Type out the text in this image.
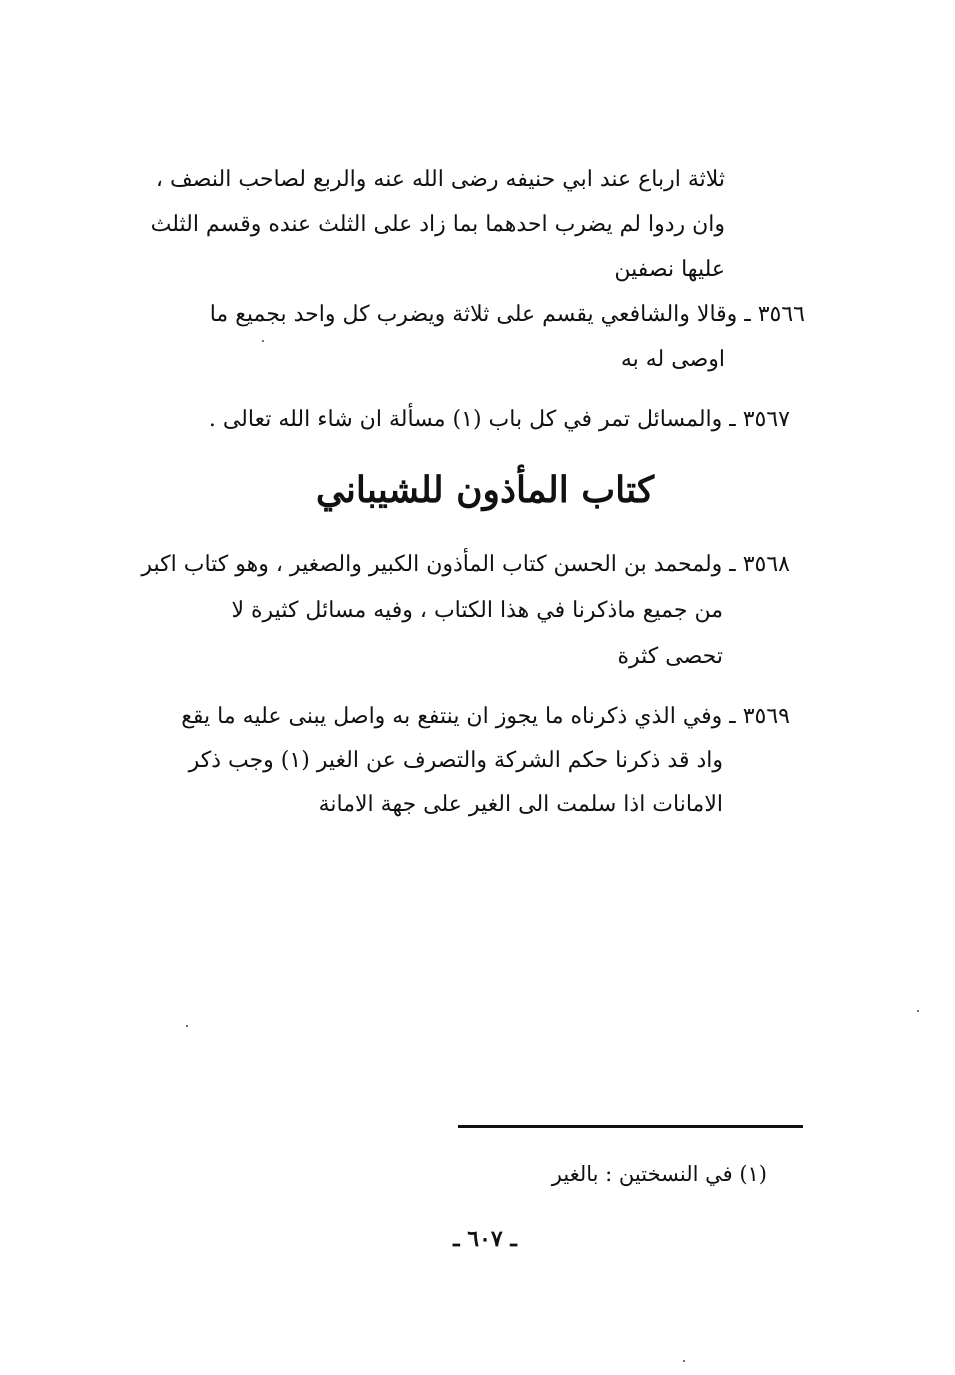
ثلاثة ارباع عند ابي حنيفه رضى الله عنه والربع لصاحب النصف ،
وان ردوا لم يضرب احدهما بما زاد على الثلث عنده وقسم الثلث
عليها نصفين
٣٥٦٦ ـ وقالا والشافعي يقسم على ثلاثة ويضرب كل واحد بجميع ما
اوصى له به
٣٥٦٧ ـ والمسائل تمر في كل باب (١) مسألة ان شاء الله تعالى .
كتاب المأذون للشيباني
٣٥٦٨ ـ ولمحمد بن الحسن كتاب المأذون الكبير والصغير ، وهو كتاب اكبر
من جميع ماذكرنا في هذا الكتاب ، وفيه مسائل كثيرة لا
تحصى كثرة
٣٥٦٩ ـ وفي الذي ذكرناه ما يجوز ان ينتفع به واصل يبنى عليه ما يقع
واد قد ذكرنا حكم الشركة والتصرف عن الغير (١) وجب ذكر
الامانات اذا سلمت الى الغير على جهة الامانة
(١) في النسختين : بالغير
ـ ٦٠٧ ـ
